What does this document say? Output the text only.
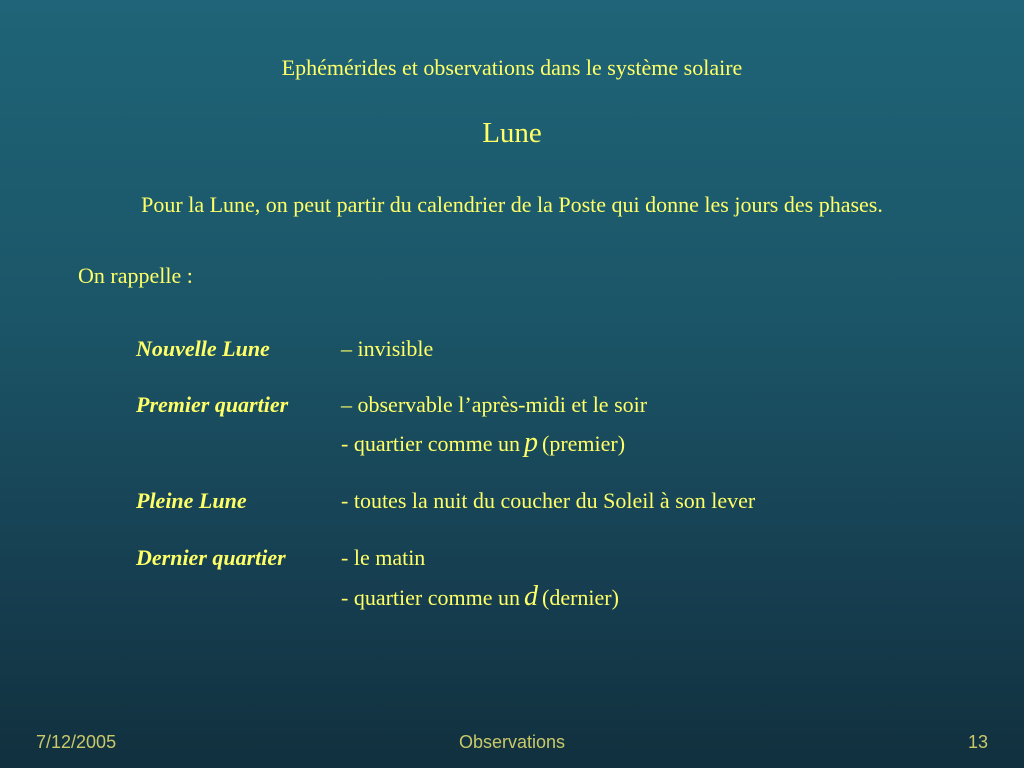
Ephémérides et observations dans le système solaire
Lune
Pour la Lune, on peut partir du calendrier de la Poste qui donne les jours des phases.
On rappelle :
Nouvelle Lune	– invisible
Premier quartier – observable l’après-midi et le soir
- quartier comme un p (premier)
Pleine Lune	- toutes la nuit du coucher du Soleil à son lever
Dernier quartier	- le matin
- quartier comme un d (dernier)
7/12/2005	Observations	13
